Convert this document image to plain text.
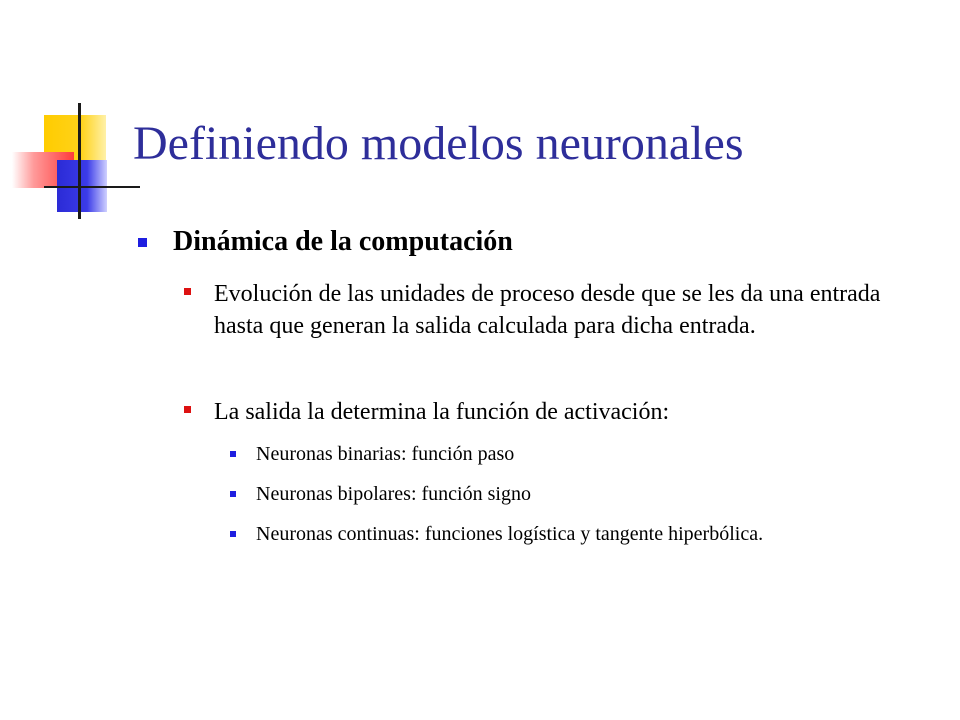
Definiendo modelos neuronales
Dinámica de la computación
Evolución de las unidades de proceso desde que se les da una entrada hasta que generan la salida calculada para dicha entrada.
La salida la determina la función de activación:
Neuronas binarias: función paso
Neuronas bipolares: función signo
Neuronas continuas: funciones logística y tangente hiperbólica.
